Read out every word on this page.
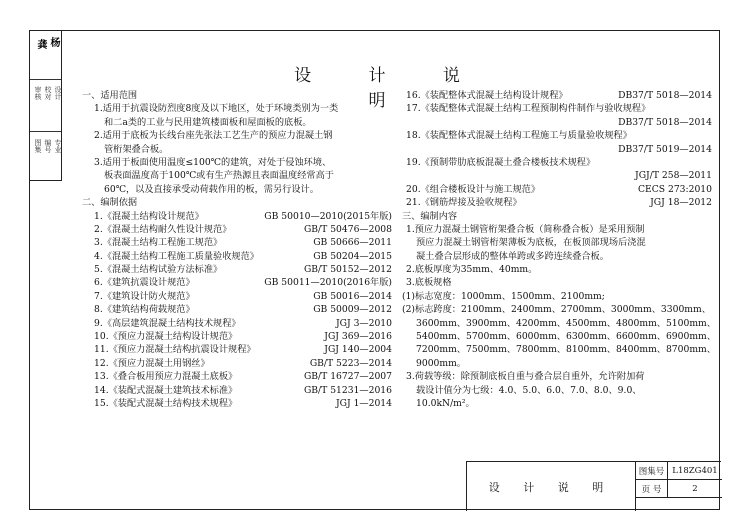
龚 杨
审核 校对 设计
图集 编号 专业
设 计 说 明
一、适用范围
1.适用于抗震设防烈度8度及以下地区，处于环境类别为一类
和二a类的工业与民用建筑楼面板和屋面板的底板。
2.适用于底板为长线台座先张法工艺生产的预应力混凝土钢
管桁架叠合板。
3.适用于板面使用温度≤100℃的建筑，对处于侵蚀环境、
板表面温度高于100℃或有生产热源且表面温度经常高于
60℃，以及直接承受动荷载作用的板，需另行设计。
二、编制依据
1.《混凝土结构设计规范》	GB 50010—2010(2015年版)
2.《混凝土结构耐久性设计规范》	GB/T 50476—2008
3.《混凝土结构工程施工规范》	GB 50666—2011
4.《混凝土结构工程施工质量验收规范》	GB 50204—2015
5.《混凝土结构试验方法标准》	GB/T 50152—2012
6.《建筑抗震设计规范》	GB 50011—2010(2016年版)
7.《建筑设计防火规范》	GB 50016—2014
8.《建筑结构荷载规范》	GB 50009—2012
9.《高层建筑混凝土结构技术规程》	JGJ 3—2010
10.《预应力混凝土结构设计规范》	JGJ 369—2016
11.《预应力混凝土结构抗震设计规程》	JGJ 140—2004
12.《预应力混凝土用钢丝》	GB/T 5223—2014
13.《叠合板用预应力混凝土底板》	GB/T 16727—2007
14.《装配式混凝土建筑技术标准》	GB/T 51231—2016
15.《装配式混凝土结构技术规程》	JGJ 1—2014
16.《装配整体式混凝土结构设计规程》	DB37/T 5018—2014
17.《装配整体式混凝土结构工程预制构件制作与验收规程》
DB37/T 5018—2014
18.《装配整体式混凝土结构工程施工与质量验收规程》
DB37/T 5019—2014
19.《预制带肋底板混凝土叠合楼板技术规程》
JGJ/T 258—2011
20.《组合楼板设计与施工规范》	CECS 273:2010
21.《钢筋焊接及验收规程》	JGJ 18—2012
三、编制内容
1.预应力混凝土钢管桁架叠合板（简称叠合板）是采用预制
预应力混凝土钢管桁架薄板为底板，在板顶部现场后浇混
凝土叠合层形成的整体单跨或多跨连续叠合板。
2.底板厚度为35mm、40mm。
3.底板规格
(1)标志宽度：1000mm、1500mm、2100mm;
(2)标志跨度：2100mm、2400mm、2700mm、3000mm、3300mm、
3600mm、3900mm、4200mm、4500mm、4800mm、5100mm、
5400mm、5700mm、6000mm、6300mm、6600mm、6900mm、
7200mm、7500mm、7800mm、8100mm、8400mm、8700mm、
9000mm。
3.荷载等级：除预制底板自重与叠合层自重外，允许附加荷
载设计值分为七级：4.0、5.0、6.0、7.0、8.0、9.0、
10.0kN/m²。
设 计 说 明
图集号 L18ZG401
页 号	2
